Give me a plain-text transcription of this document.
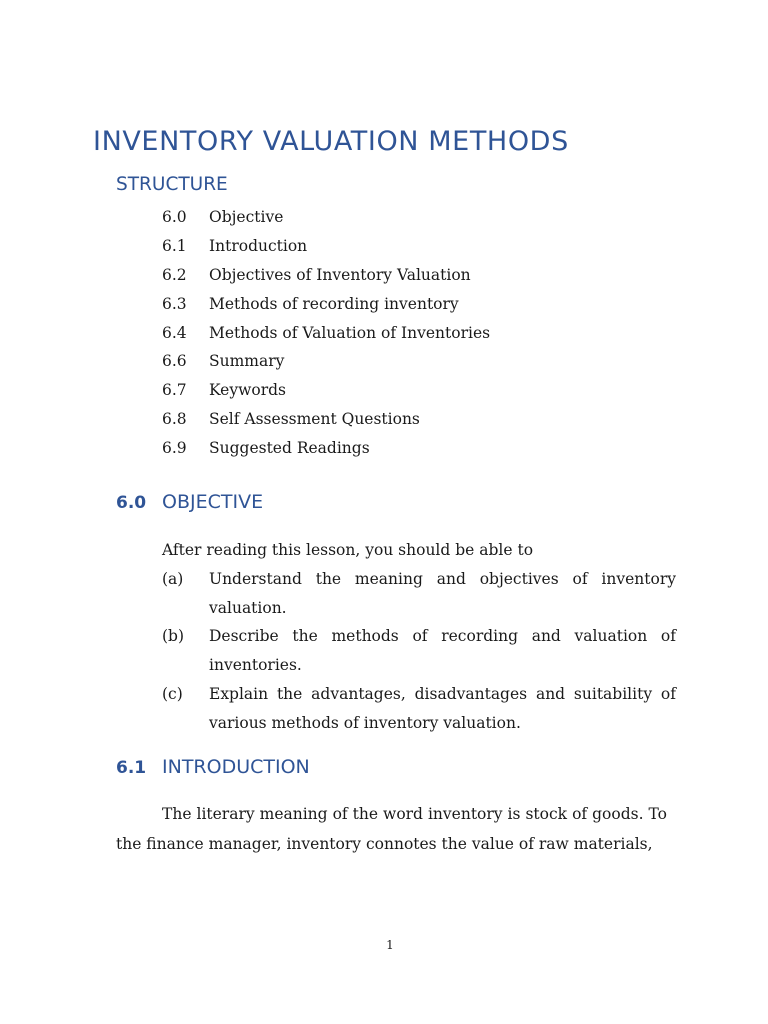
INVENTORY VALUATION METHODS
STRUCTURE
6.0	Objective
6.1	Introduction
6.2	Objectives of Inventory Valuation
6.3	Methods of recording inventory
6.4	Methods of Valuation of Inventories
6.6	Summary
6.7	Keywords
6.8	Self Assessment Questions
6.9	Suggested Readings
6.0 OBJECTIVE

After reading this lesson, you should be able to

(a)	Understand the meaning and objectives of inventory valuation.
(b)	Describe the methods of recording and valuation of inventories.
(c)	Explain the advantages, disadvantages and suitability of various methods of inventory valuation.
6.1 INTRODUCTION

The literary meaning of the word inventory is stock of goods. To the finance manager, inventory connotes the value of raw materials,

1
